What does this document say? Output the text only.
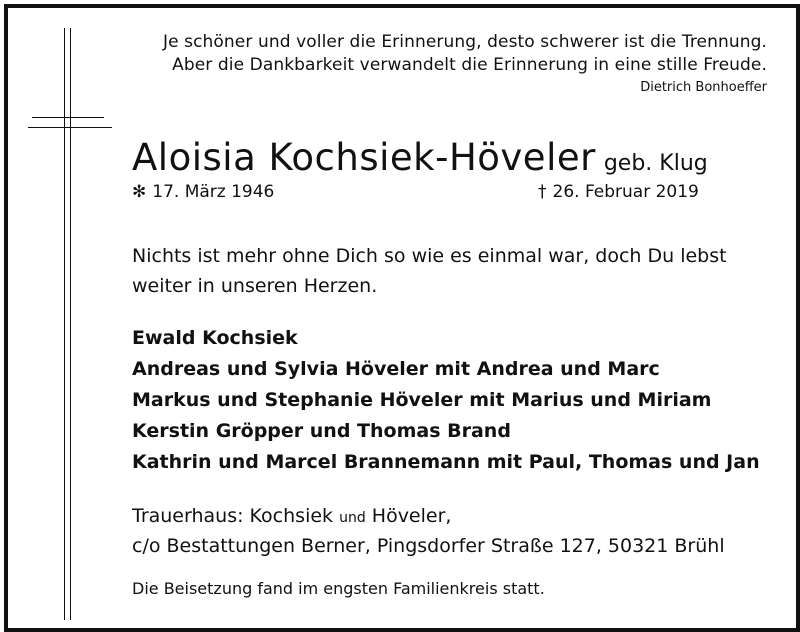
Je schöner und voller die Erinnerung, desto schwerer ist die Trennung.
Aber die Dankbarkeit verwandelt die Erinnerung in eine stille Freude.
Dietrich Bonhoeffer
Aloisia Kochsiek-Höveler geb. Klug
✻ 17. März 1946	† 26. Februar 2019
Nichts ist mehr ohne Dich so wie es einmal war, doch Du lebst
weiter in unseren Herzen.
Ewald Kochsiek
Andreas und Sylvia Höveler mit Andrea und Marc
Markus und Stephanie Höveler mit Marius und Miriam
Kerstin Gröpper und Thomas Brand
Kathrin und Marcel Brannemann mit Paul, Thomas und Jan
Trauerhaus: Kochsiek und Höveler,
c/o Bestattungen Berner, Pingsdorfer Straße 127, 50321 Brühl
Die Beisetzung fand im engsten Familienkreis statt.
